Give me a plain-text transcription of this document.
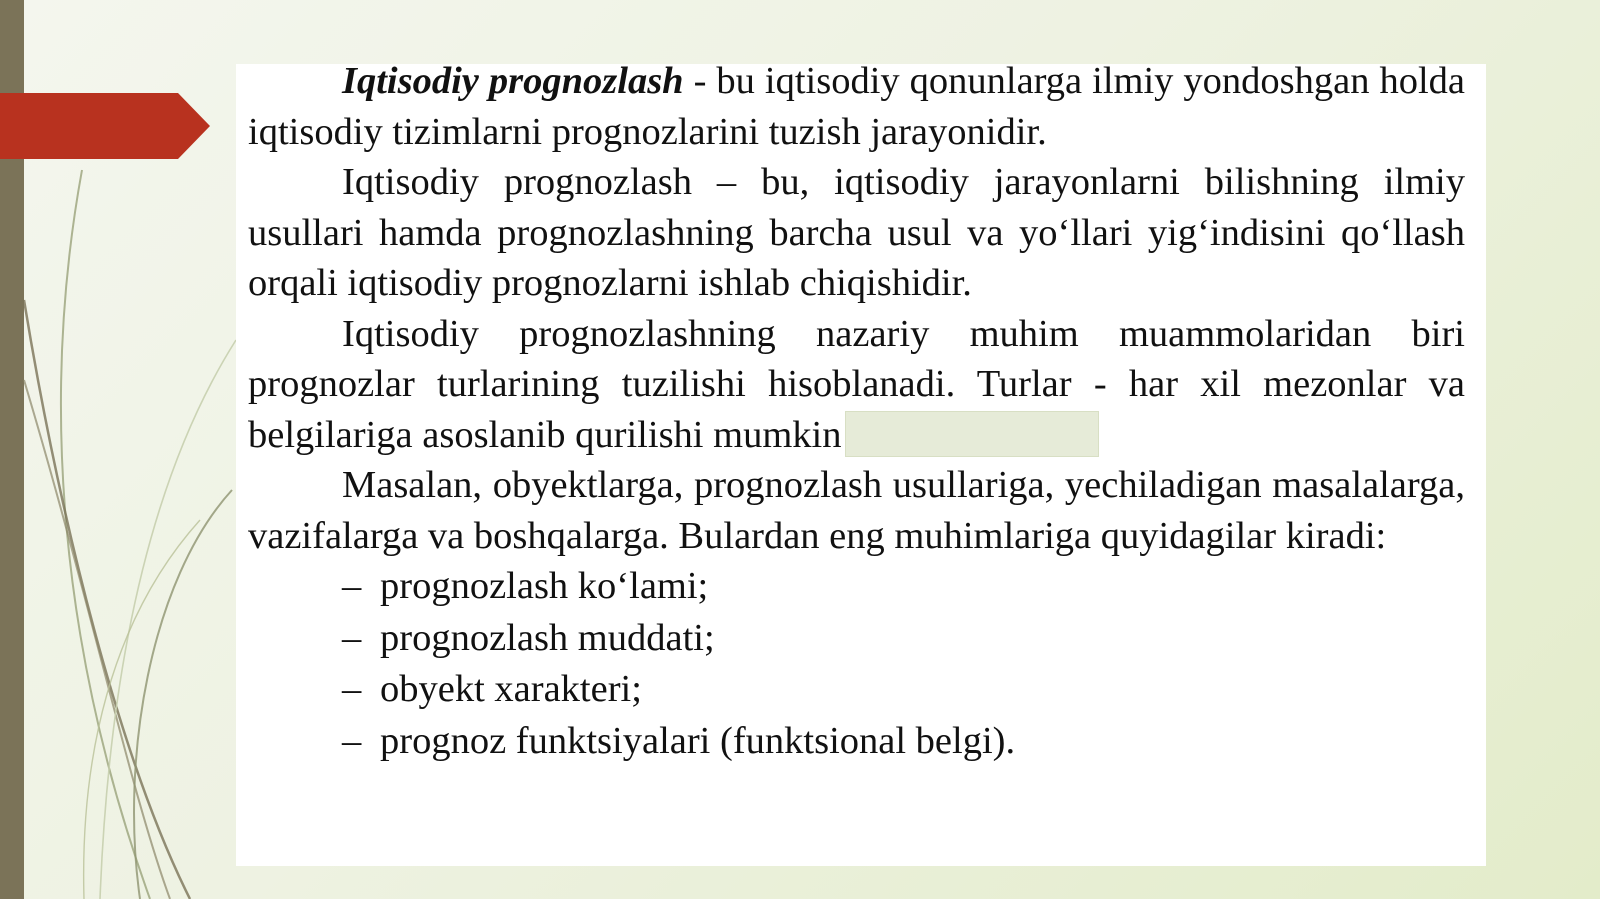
Iqtisodiy prognozlash - bu iqtisodiy qonunlarga ilmiy yondoshgan holda iqtisodiy tizimlarni prognozlarini tuzish jarayonidir.

Iqtisodiy prognozlash – bu, iqtisodiy jarayonlarni bilishning ilmiy usullari hamda prognozlashning barcha usul va yo‘llari yig‘indisini qo‘llash orqali iqtisodiy prognozlarni ishlab chiqishidir.

Iqtisodiy prognozlashning nazariy muhim muammolaridan biri prognozlar turlarining tuzilishi hisoblanadi. Turlar - har xil mezonlar va belgilariga asoslanib qurilishi mumkin

Masalan, obyektlarga, prognozlash usullariga, yechiladigan masalalarga, vazifalarga va boshqalarga. Bulardan eng muhimlariga quyidagilar kiradi:

– prognozlash ko‘lami;
– prognozlash muddati;
– obyekt xarakteri;
– prognoz funktsiyalari (funktsional belgi).
